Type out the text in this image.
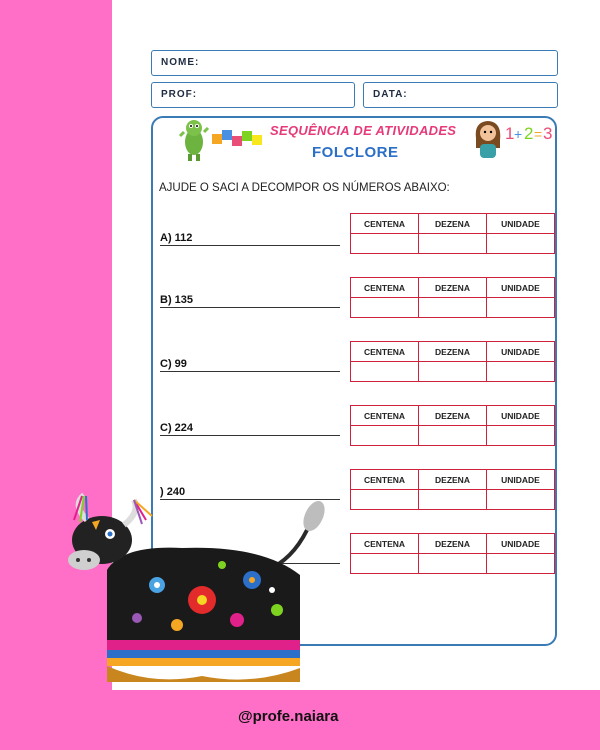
NOME:
PROF:	DATA:
SEQUÊNCIA DE ATIVIDADES
FOLCLORE
1 + 2 = 3
AJUDE O SACI A DECOMPOR OS NÚMEROS ABAIXO:
A) 112
CENTENA	DEZENA	UNIDADE

B) 135
CENTENA	DEZENA	UNIDADE

C) 99
CENTENA	DEZENA	UNIDADE

C) 224
CENTENA	DEZENA	UNIDADE

) 240
CENTENA	DEZENA	UNIDADE

CENTENA	DEZENA	UNIDADE

@profe.naiara
